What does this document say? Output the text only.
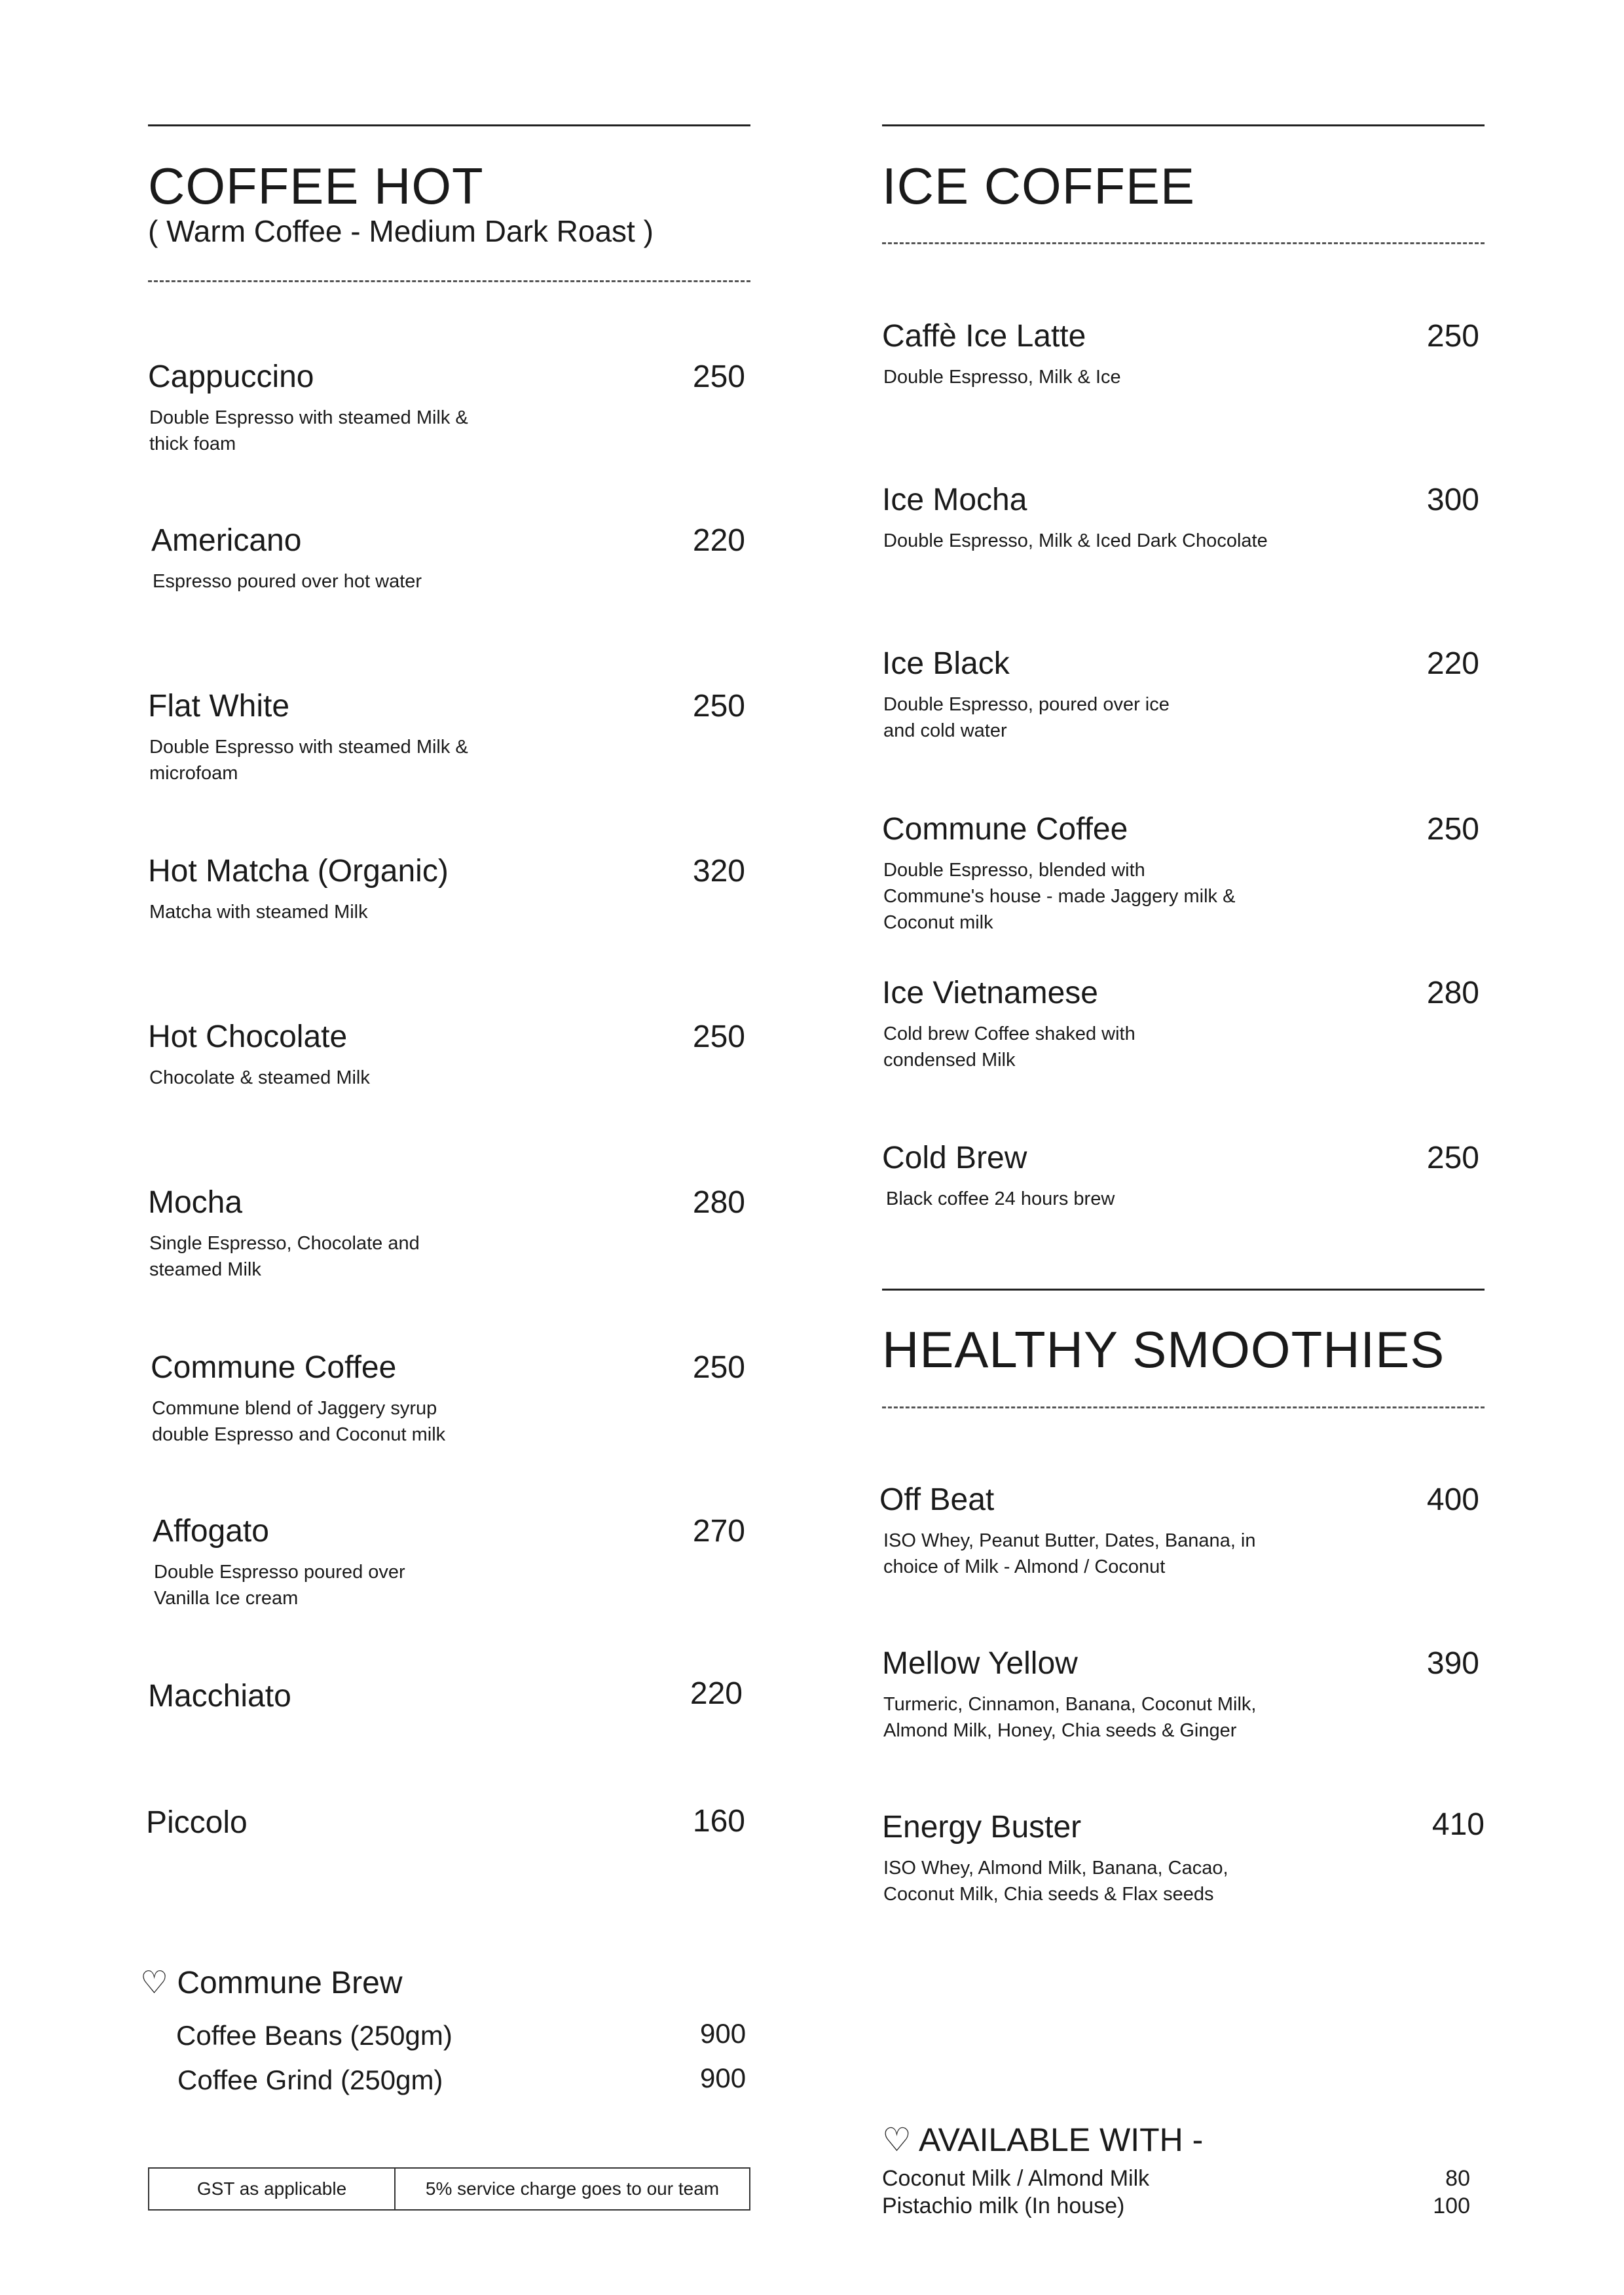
COFFEE HOT
( Warm Coffee - Medium Dark Roast )
Cappuccino	250
Double Espresso with steamed Milk & thick foam
Americano	220
Espresso poured over hot water
Flat White	250
Double Espresso with steamed Milk & microfoam
Hot Matcha (Organic)	320
Matcha with steamed Milk
Hot Chocolate	250
Chocolate & steamed Milk
Mocha	280
Single Espresso, Chocolate and steamed Milk
Commune Coffee	250
Commune blend of Jaggery syrup double Espresso and Coconut milk
Affogato	270
Double Espresso poured over Vanilla Ice cream
Macchiato	220
Piccolo	160
♡ Commune Brew
Coffee Beans (250gm)	900
Coffee Grind (250gm)	900
GST as applicable	5% service charge goes to our team
ICE COFFEE
Caffè Ice Latte	250
Double Espresso, Milk & Ice
Ice Mocha	300
Double Espresso, Milk & Iced Dark Chocolate
Ice Black	220
Double Espresso, poured over ice and cold water
Commune Coffee	250
Double Espresso, blended with Commune's house - made Jaggery milk & Coconut milk
Ice Vietnamese	280
Cold brew Coffee shaked with condensed Milk
Cold Brew	250
Black coffee 24 hours brew
HEALTHY SMOOTHIES
Off Beat	400
ISO Whey, Peanut Butter, Dates, Banana, in choice of Milk - Almond / Coconut
Mellow Yellow	390
Turmeric, Cinnamon, Banana, Coconut Milk, Almond Milk, Honey, Chia seeds & Ginger
Energy Buster	410
ISO Whey, Almond Milk, Banana, Cacao, Coconut Milk, Chia seeds & Flax seeds
♡ AVAILABLE WITH -
Coconut Milk / Almond Milk	80
Pistachio milk (In house)	100
